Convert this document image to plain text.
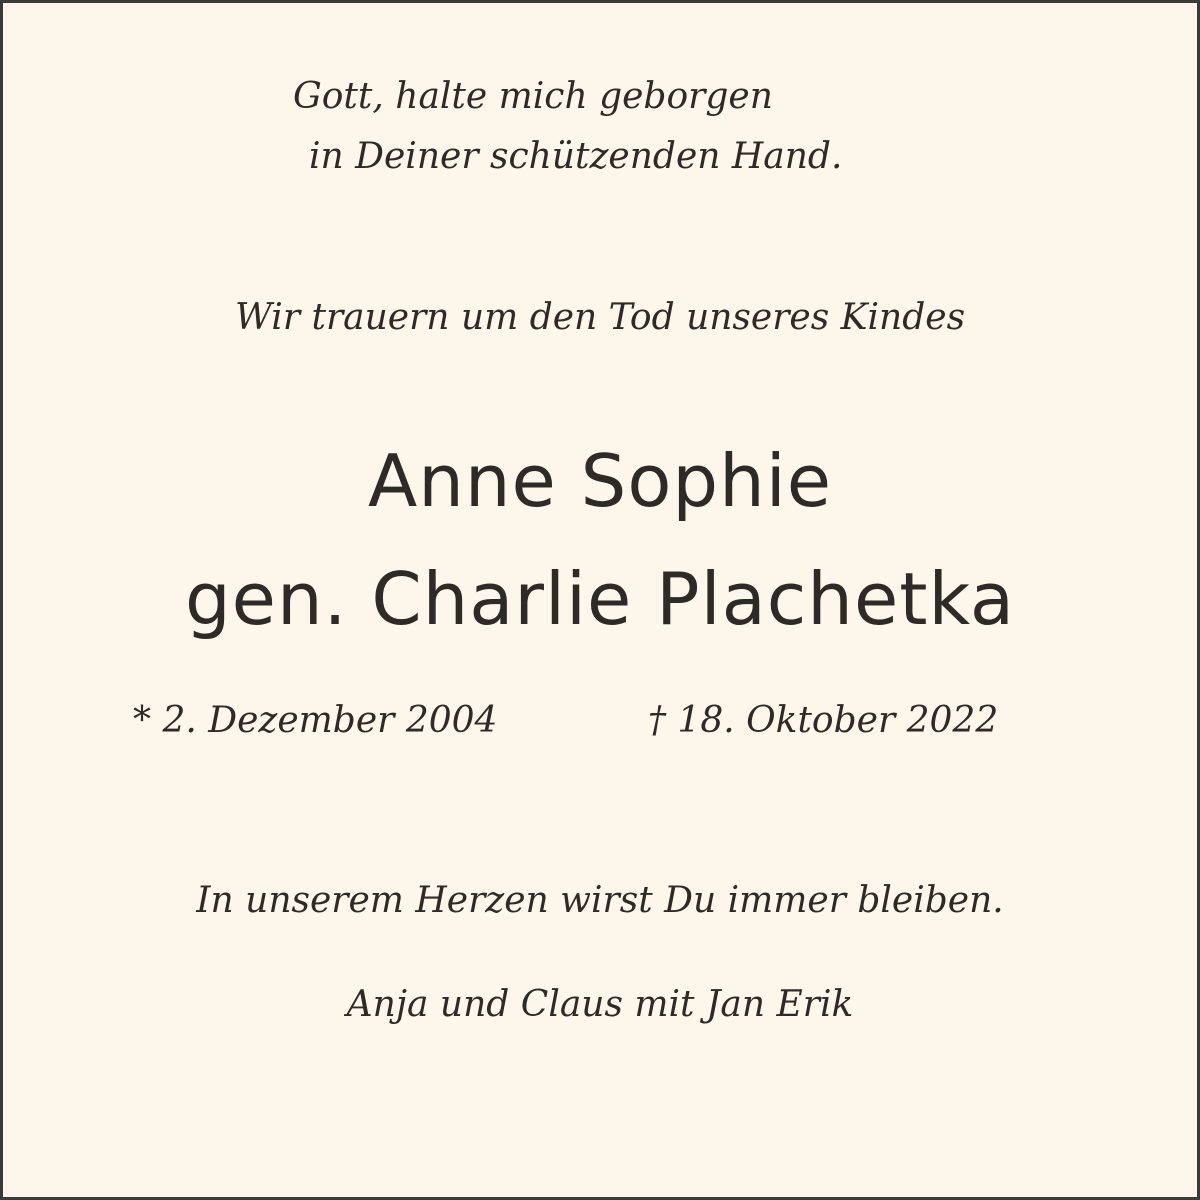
Gott, halte mich geborgen
in Deiner schützenden Hand.
Wir trauern um den Tod unseres Kindes
Anne Sophie
gen. Charlie Plachetka
* 2. Dezember 2004	† 18. Oktober 2022
In unserem Herzen wirst Du immer bleiben.
Anja und Claus mit Jan Erik
